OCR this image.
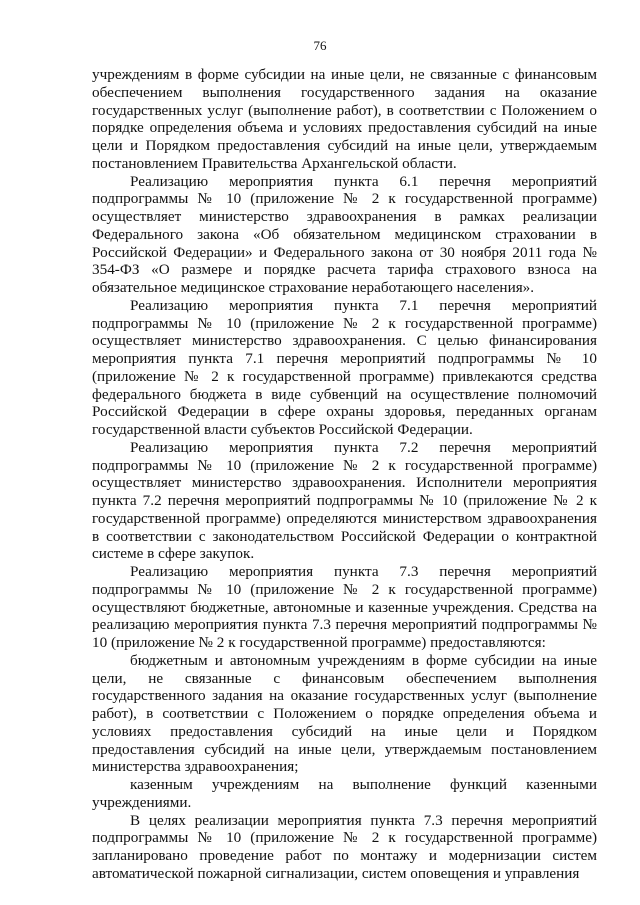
76

учреждениям в форме субсидии на иные цели, не связанные с финансовым обеспечением выполнения государственного задания на оказание государственных услуг (выполнение работ), в соответствии с Положением о порядке определения объема и условиях предоставления субсидий на иные цели и Порядком предоставления субсидий на иные цели, утверждаемым постановлением Правительства Архангельской области.

Реализацию мероприятия пункта 6.1 перечня мероприятий подпрограммы № 10 (приложение № 2 к государственной программе) осуществляет министерство здравоохранения в рамках реализации Федерального закона «Об обязательном медицинском страховании в Российской Федерации» и Федерального закона от 30 ноября 2011 года № 354-ФЗ «О размере и порядке расчета тарифа страхового взноса на обязательное медицинское страхование неработающего населения».

Реализацию мероприятия пункта 7.1 перечня мероприятий подпрограммы № 10 (приложение № 2 к государственной программе) осуществляет министерство здравоохранения. С целью финансирования мероприятия пункта 7.1 перечня мероприятий подпрограммы № 10 (приложение № 2 к государственной программе) привлекаются средства федерального бюджета в виде субвенций на осуществление полномочий Российской Федерации в сфере охраны здоровья, переданных органам государственной власти субъектов Российской Федерации.

Реализацию мероприятия пункта 7.2 перечня мероприятий подпрограммы № 10 (приложение № 2 к государственной программе) осуществляет министерство здравоохранения. Исполнители мероприятия пункта 7.2 перечня мероприятий подпрограммы № 10 (приложение № 2 к государственной программе) определяются министерством здравоохранения в соответствии с законодательством Российской Федерации о контрактной системе в сфере закупок.

Реализацию мероприятия пункта 7.3 перечня мероприятий подпрограммы № 10 (приложение № 2 к государственной программе) осуществляют бюджетные, автономные и казенные учреждения. Средства на реализацию мероприятия пункта 7.3 перечня мероприятий подпрограммы № 10 (приложение № 2 к государственной программе) предоставляются:

бюджетным и автономным учреждениям в форме субсидии на иные цели, не связанные с финансовым обеспечением выполнения государственного задания на оказание государственных услуг (выполнение работ), в соответствии с Положением о порядке определения объема и условиях предоставления субсидий на иные цели и Порядком предоставления субсидий на иные цели, утверждаемым постановлением министерства здравоохранения;

казенным учреждениям на выполнение функций казенными учреждениями.

В целях реализации мероприятия пункта 7.3 перечня мероприятий подпрограммы № 10 (приложение № 2 к государственной программе) запланировано проведение работ по монтажу и модернизации систем автоматической пожарной сигнализации, систем оповещения и управления
